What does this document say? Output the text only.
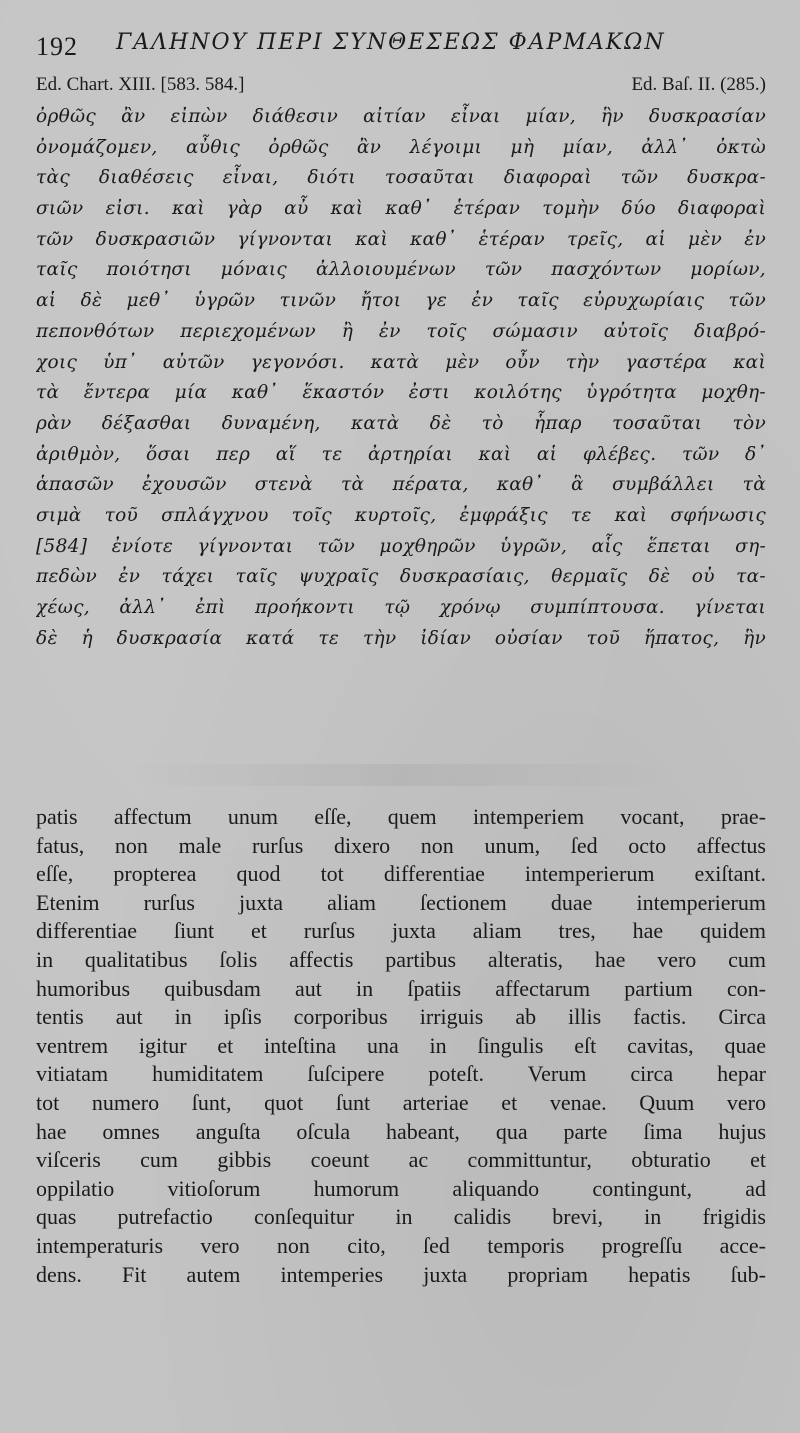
192 ΓΑΛΗΝΟΥ ΠΕΡΙ ΣΥΝΘΕΣΕΩΣ ΦΑΡΜΑΚΩΝ
Ed. Chart. XIII. [583. 584.]	Ed. Baſ. II. (285.)
ὀρθῶς ἂν εἰπὼν διάθεσιν αἰτίαν εἶναι μίαν, ἣν δυσκρασίαν
ὀνομάζομεν, αὖθις ὀρθῶς ἂν λέγοιμι μὴ μίαν, ἀλλ᾽ ὀκτὼ
τὰς διαθέσεις εἶναι, διότι τοσαῦται διαφοραὶ τῶν δυσκρα-
σιῶν εἰσι. καὶ γὰρ αὖ καὶ καθ᾽ ἑτέραν τομὴν δύο διαφοραὶ
τῶν δυσκρασιῶν γίγνονται καὶ καθ᾽ ἑτέραν τρεῖς, αἱ μὲν ἐν
ταῖς ποιότησι μόναις ἀλλοιουμένων τῶν πασχόντων μορίων,
αἱ δὲ μεθ᾽ ὑγρῶν τινῶν ἤτοι γε ἐν ταῖς εὐρυχωρίαις τῶν
πεπονθότων περιεχομένων ἢ ἐν τοῖς σώμασιν αὐτοῖς διαβρό-
χοις ὑπ᾽ αὐτῶν γεγονόσι. κατὰ μὲν οὖν τὴν γαστέρα καὶ
τὰ ἔντερα μία καθ᾽ ἕκαστόν ἐστι κοιλότης ὑγρότητα μοχθη-
ρὰν δέξασθαι δυναμένη, κατὰ δὲ τὸ ἧπαρ τοσαῦται τὸν
ἀριθμὸν, ὅσαι περ αἵ τε ἀρτηρίαι καὶ αἱ φλέβες. τῶν δ᾽
ἁπασῶν ἐχουσῶν στενὰ τὰ πέρατα, καθ᾽ ἃ συμβάλλει τὰ
σιμὰ τοῦ σπλάγχνου τοῖς κυρτοῖς, ἐμφράξις τε καὶ σφήνωσις
[584] ἐνίοτε γίγνονται τῶν μοχθηρῶν ὑγρῶν, αἷς ἕπεται ση-
πεδὼν ἐν τάχει ταῖς ψυχραῖς δυσκρασίαις, θερμαῖς δὲ οὐ τα-
χέως, ἀλλ᾽ ἐπὶ προήκοντι τῷ χρόνῳ συμπίπτουσα. γίνεται
δὲ ἡ δυσκρασία κατά τε τὴν ἰδίαν οὐσίαν τοῦ ἥπατος, ἣν
patis affectum unum eſſe, quem intemperiem vocant, prae-
fatus, non male rurſus dixero non unum, ſed octo affectus
eſſe, propterea quod tot differentiae intemperierum exiſtant.
Etenim rurſus juxta aliam ſectionem duae intemperierum
differentiae ſiunt et rurſus juxta aliam tres, hae quidem
in qualitatibus ſolis affectis partibus alteratis, hae vero cum
humoribus quibusdam aut in ſpatiis affectarum partium con-
tentis aut in ipſis corporibus irriguis ab illis factis. Circa
ventrem igitur et inteſtina una in ſingulis eſt cavitas, quae
vitiatam humiditatem ſuſcipere poteſt. Verum circa hepar
tot numero ſunt, quot ſunt arteriae et venae. Quum vero
hae omnes anguſta oſcula habeant, qua parte ſima hujus
viſceris cum gibbis coeunt ac committuntur, obturatio et
oppilatio vitioſorum humorum aliquando contingunt, ad
quas putrefactio conſequitur in calidis brevi, in frigidis
intemperaturis vero non cito, ſed temporis progreſſu acce-
dens. Fit autem intemperies juxta propriam hepatis ſub-
